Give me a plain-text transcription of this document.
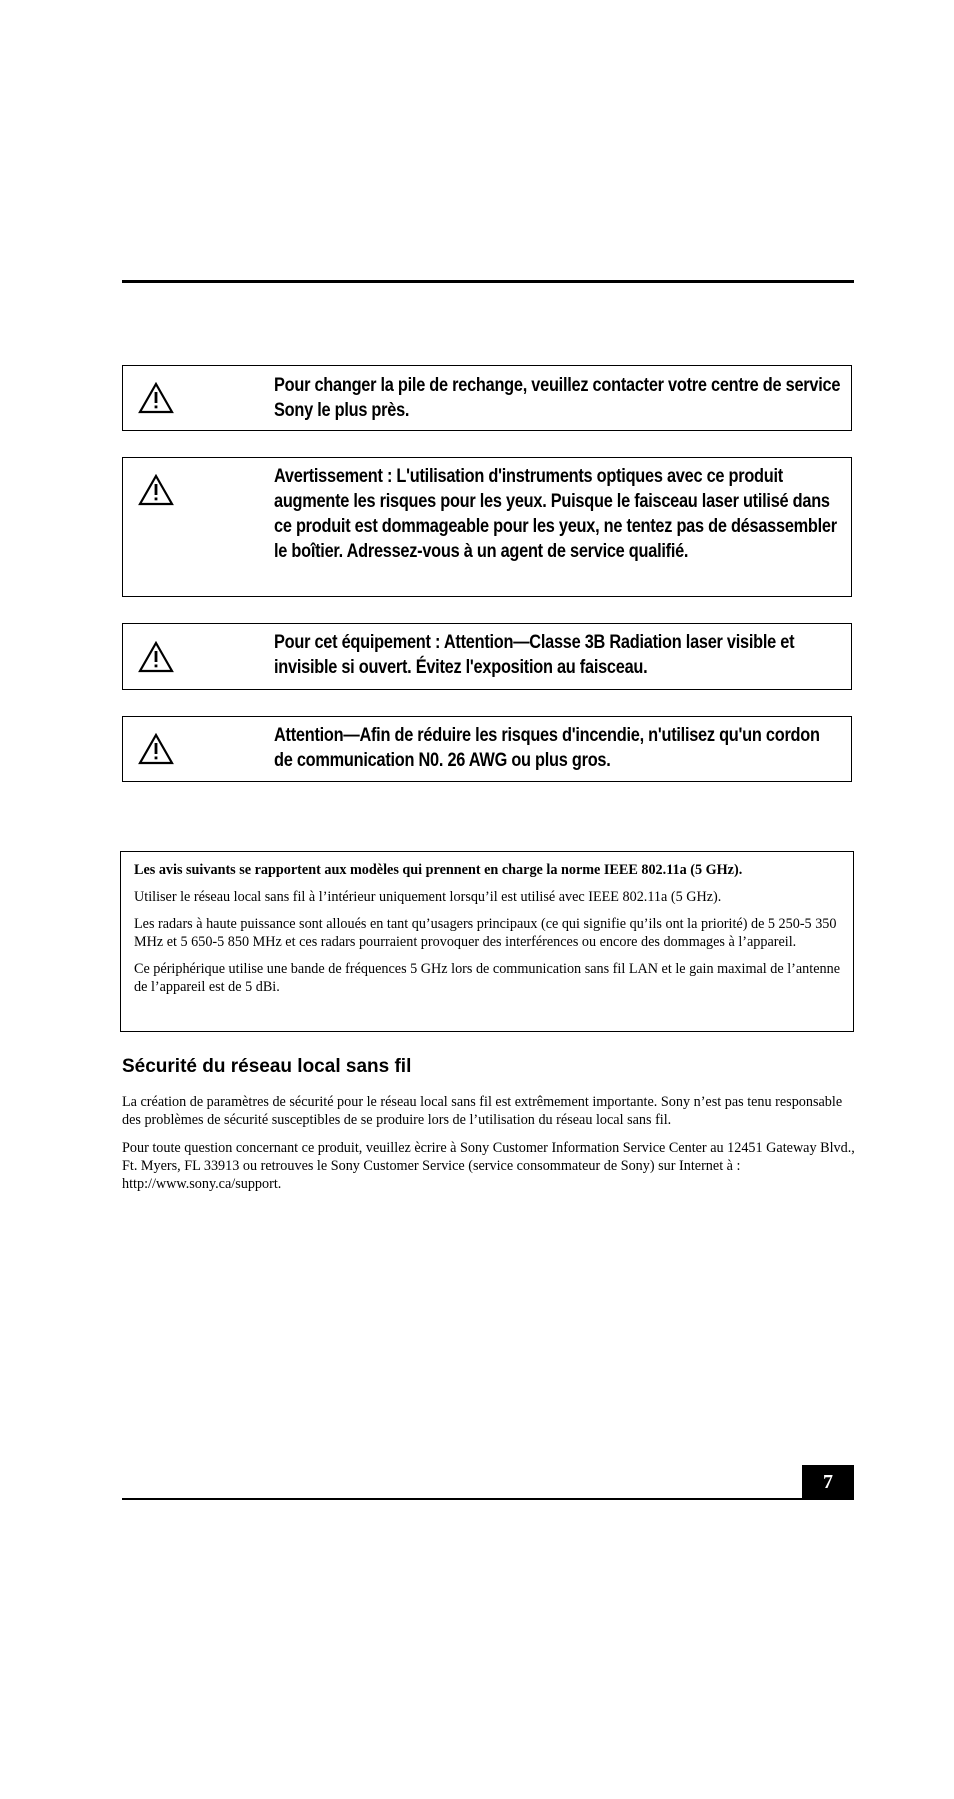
Pour changer la pile de rechange, veuillez contacter votre centre de service Sony le plus près.
Avertissement : L'utilisation d'instruments optiques avec ce produit augmente les risques pour les yeux. Puisque le faisceau laser utilisé dans ce produit est dommageable pour les yeux, ne tentez pas de désassembler le boîtier. Adressez-vous à un agent de service qualifié.
Pour cet équipement : Attention—Classe 3B Radiation laser visible et invisible si ouvert. Évitez l'exposition au faisceau.
Attention—Afin de réduire les risques d'incendie, n'utilisez qu'un cordon de communication N0. 26 AWG ou plus gros.

Les avis suivants se rapportent aux modèles qui prennent en charge la norme IEEE 802.11a (5 GHz).

Utiliser le réseau local sans fil à l’intérieur uniquement lorsqu’il est utilisé avec IEEE 802.11a (5 GHz).

Les radars à haute puissance sont alloués en tant qu’usagers principaux (ce qui signifie qu’ils ont la priorité) de 5 250-5 350 MHz et 5 650-5 850 MHz et ces radars pourraient provoquer des interférences ou encore des dommages à l’appareil.

Ce périphérique utilise une bande de fréquences 5 GHz lors de communication sans fil LAN et le gain maximal de l’antenne de l’appareil est de 5 dBi.

Sécurité du réseau local sans fil

La création de paramètres de sécurité pour le réseau local sans fil est extrêmement importante. Sony n’est pas tenu responsable des problèmes de sécurité susceptibles de se produire lors de l’utilisation du réseau local sans fil.

Pour toute question concernant ce produit, veuillez ècrire à Sony Customer Information Service Center au 12451 Gateway Blvd., Ft. Myers, FL 33913 ou retrouves le Sony Customer Service (service consommateur de Sony) sur Internet à : http://www.sony.ca/support.

7
